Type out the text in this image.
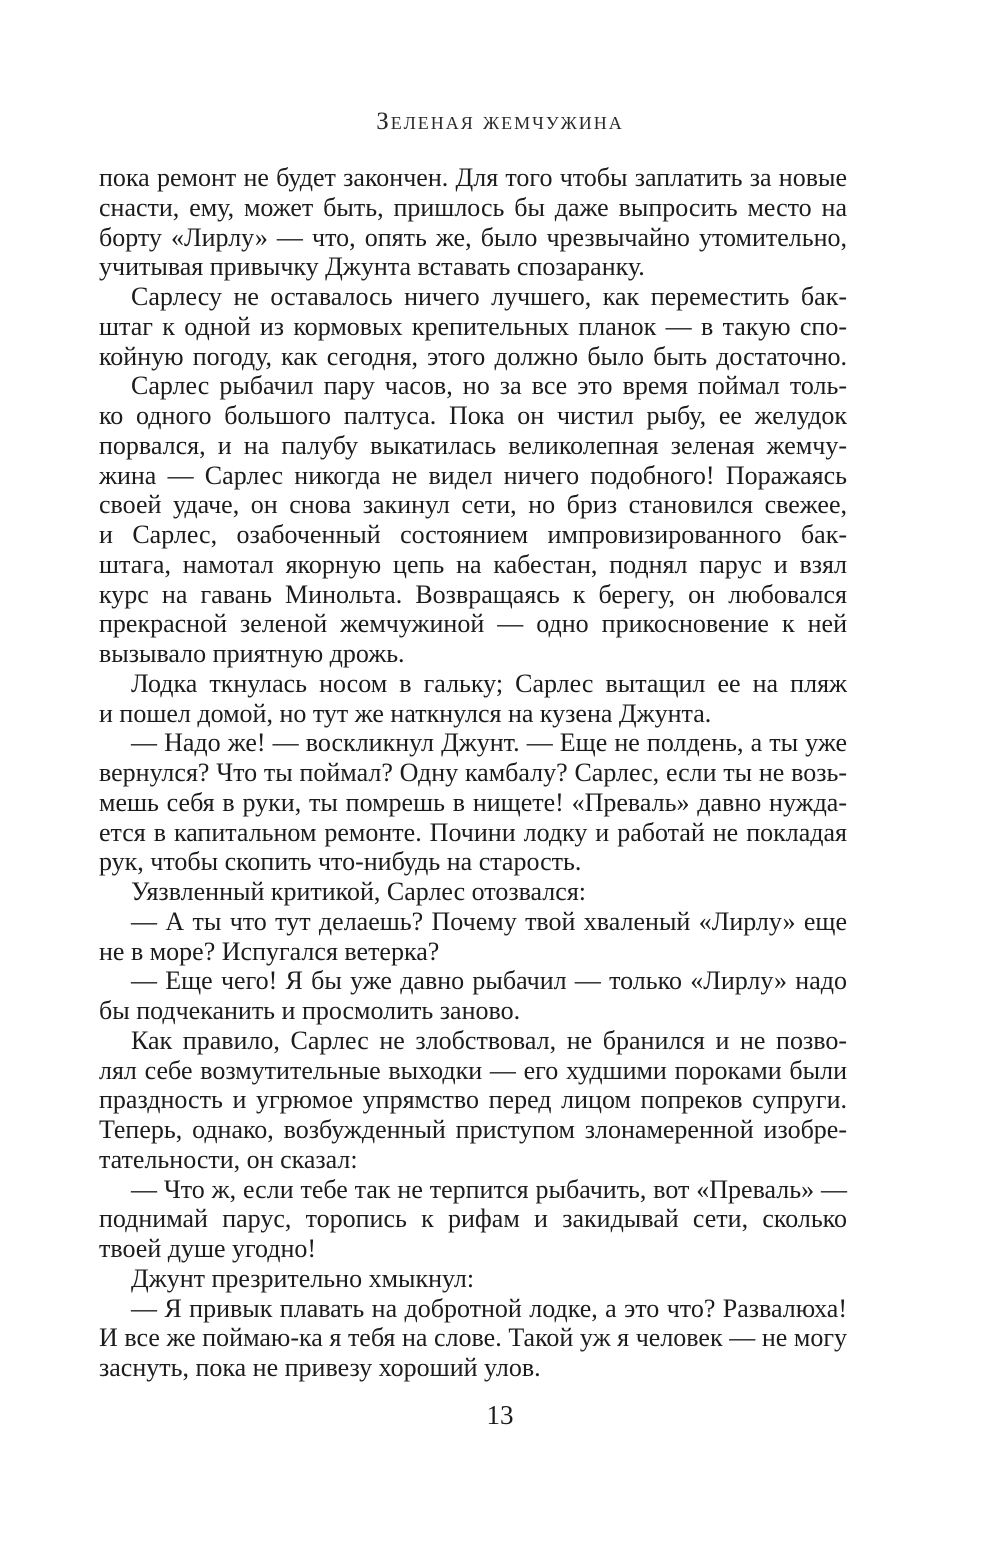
Зеленая жемчужина
пока ремонт не будет закончен. Для того чтобы заплатить за новые
снасти, ему, может быть, пришлось бы даже выпросить место на
борту «Лирлу» — что, опять же, было чрезвычайно утомительно,
учитывая привычку Джунта вставать спозаранку.
Сарлесу не оставалось ничего лучшего, как переместить бак-
штаг к одной из кормовых крепительных планок — в такую спо-
койную погоду, как сегодня, этого должно было быть достаточно.
Сарлес рыбачил пару часов, но за все это время поймал толь-
ко одного большого палтуса. Пока он чистил рыбу, ее желудок
порвался, и на палубу выкатилась великолепная зеленая жемчу-
жина — Сарлес никогда не видел ничего подобного! Поражаясь
своей удаче, он снова закинул сети, но бриз становился свежее,
и Сарлес, озабоченный состоянием импровизированного бак-
штага, намотал якорную цепь на кабестан, поднял парус и взял
курс на гавань Минольта. Возвращаясь к берегу, он любовался
прекрасной зеленой жемчужиной — одно прикосновение к ней
вызывало приятную дрожь.
Лодка ткнулась носом в гальку; Сарлес вытащил ее на пляж
и пошел домой, но тут же наткнулся на кузена Джунта.
— Надо же! — воскликнул Джунт. — Еще не полдень, а ты уже
вернулся? Что ты поймал? Одну камбалу? Сарлес, если ты не возь-
мешь себя в руки, ты помрешь в нищете! «Преваль» давно нужда-
ется в капитальном ремонте. Почини лодку и работай не покладая
рук, чтобы скопить что-нибудь на старость.
Уязвленный критикой, Сарлес отозвался:
— А ты что тут делаешь? Почему твой хваленый «Лирлу» еще
не в море? Испугался ветерка?
— Еще чего! Я бы уже давно рыбачил — только «Лирлу» надо
бы подчеканить и просмолить заново.
Как правило, Сарлес не злобствовал, не бранился и не позво-
лял себе возмутительные выходки — его худшими пороками были
праздность и угрюмое упрямство перед лицом попреков супруги.
Теперь, однако, возбужденный приступом злонамеренной изобре-
тательности, он сказал:
— Что ж, если тебе так не терпится рыбачить, вот «Преваль» —
поднимай парус, торопись к рифам и закидывай сети, сколько
твоей душе угодно!
Джунт презрительно хмыкнул:
— Я привык плавать на добротной лодке, а это что? Развалюха!
И все же поймаю-ка я тебя на слове. Такой уж я человек — не могу
заснуть, пока не привезу хороший улов.
13
